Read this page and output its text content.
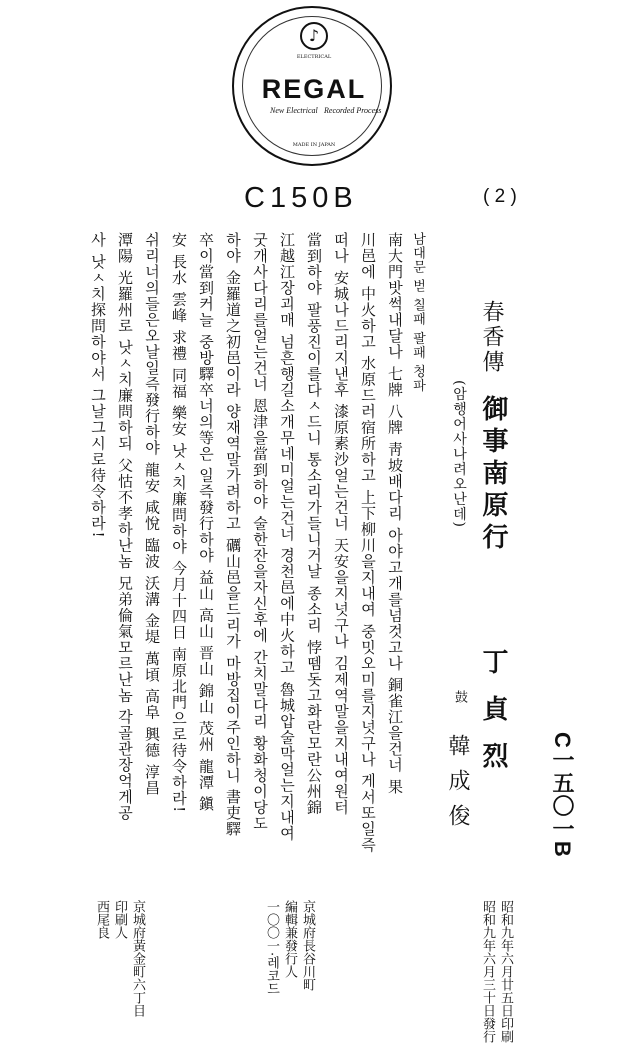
ELECTRICAL
♪
REGAL
New Electrical Recorded Process
MADE IN JAPAN
C150B	( 2 )
春香傳
御事南原行
(암행어사나려오난데)
丁 貞 烈
鼓
韓 成 俊	C一五〇一B
남대문 벋 칠패 팔패 청파
南大門밧썩내달나 七牌 八牌 靑坡배다리 아야고개를넘것고나 銅雀江을건너 果
川邑에 中火하고 水原드러宿所하고 上下柳川을지내여 중밋오미를지넛구나 게서또일즉
떠나 安城나드리지낸후 漆原素沙얼는건너 天安을지넛구나 김제역말을지내여원터
當到하야 팔풍진이를다ㅅ드니 통소리가들니거날 종소리 悖뗌돗고화란모란公州錦
江越江장괴매 넘흔행길소개무네미얼는건너 경천邑에中火하고 魯城압술막얼는지내여
굿개사다리를얼는건너 恩津을當到하야 술한잔을자신후에 간치말다리 황화청이당도
하야 金羅道之初邑이라 양재역말가려하고 礪山邑을드리가 마방집이주인하니 書吏驛
卒이當到커늘 중방驛卒너의等은 일즉發行하야 益山 高山 晋山 錦山 茂州 龍潭 鎭
安 長水 雲峰 求禮 同福 樂安 낫ㅅ치廉問하야 今月十四日 南原北門으로待令하라!
쉬리너의들은오날일즉發行하야 龍安 咸悅 臨波 沃溝 金堤 萬頃 高阜 興德 淳昌
潭陽 光羅州로 낫ㅅ치廉問하되 父怙不孝하난놈 兄弟倫氣모르난놈 각골관장억게공
사 낫ㅅ치探問하야서 그날그시로待令하라!
昭和九年六月廿五日印刷
昭和九年六月三十日發行
京城府長谷川町
編輯兼發行人
一〇〇一·레코드
京城府黃金町六丁目
印刷人
西尾良
